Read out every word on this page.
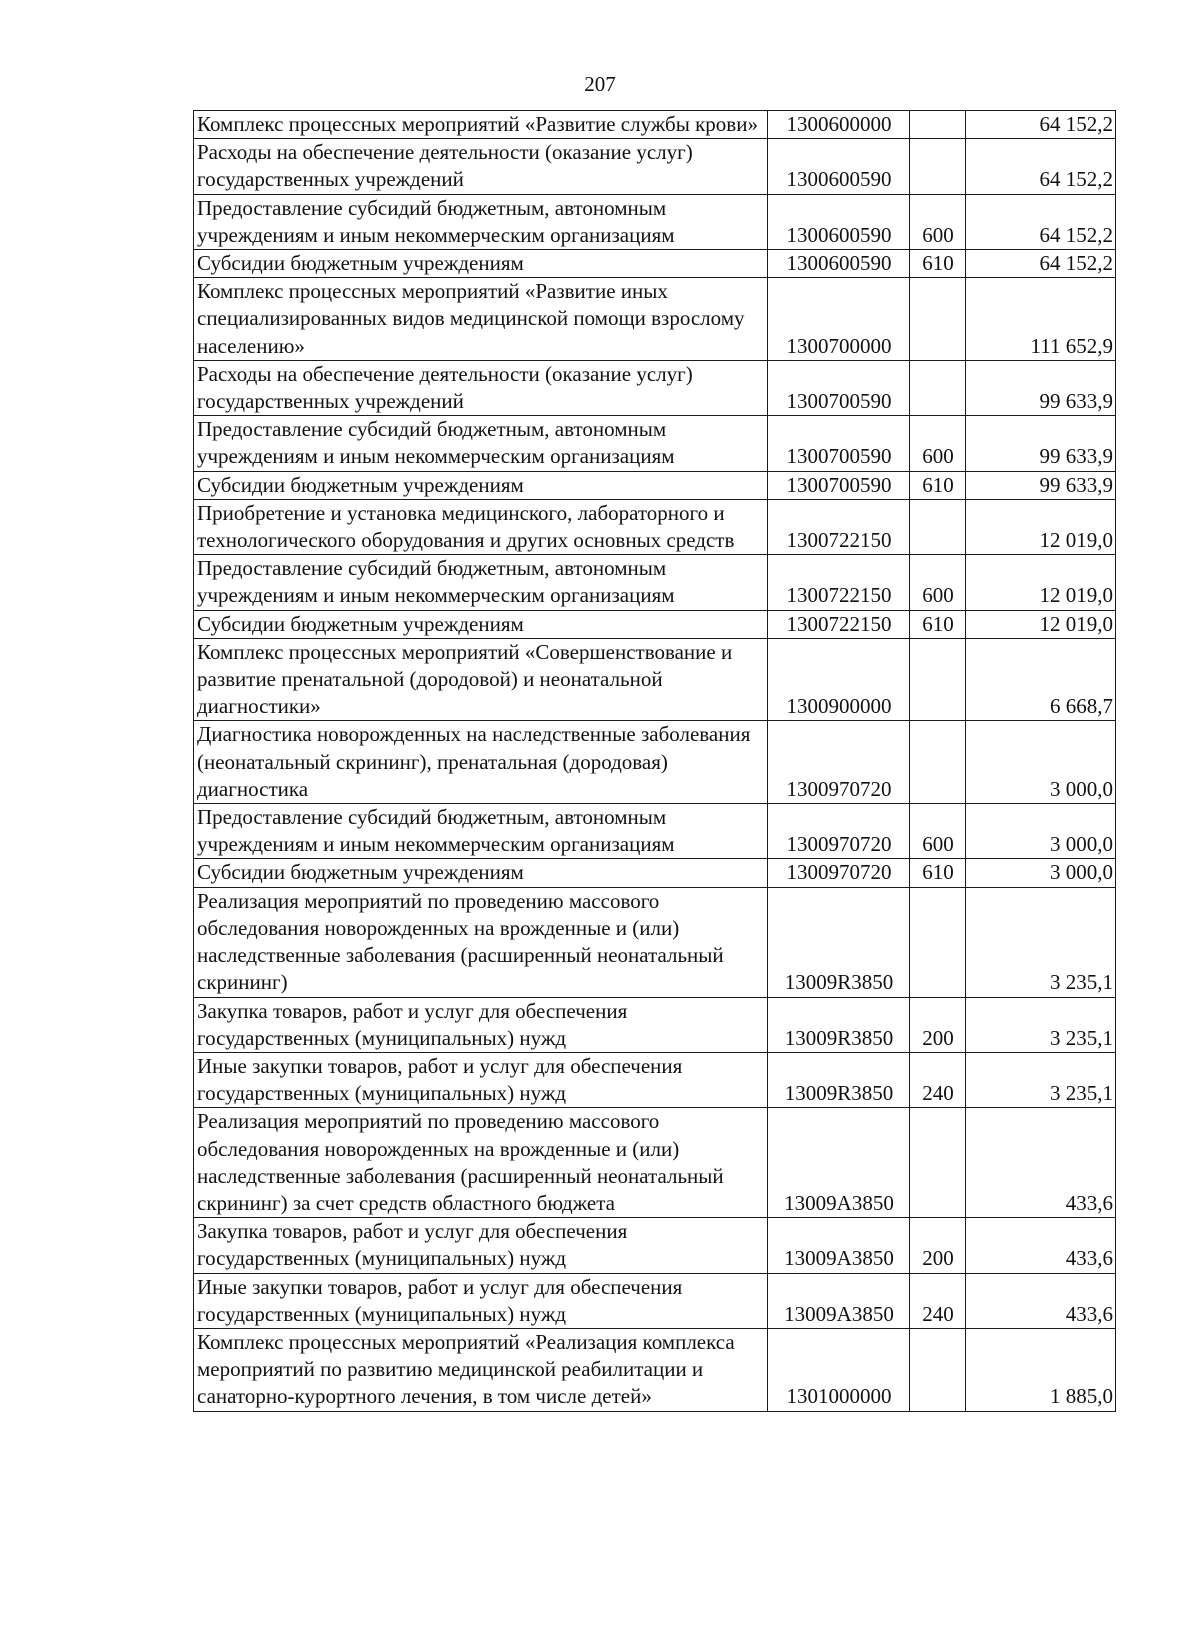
207
Комплекс процессных мероприятий «Развитие службы крови»	1300600000		64 152,2
Расходы на обеспечение деятельности (оказание услуг) государственных учреждений	1300600590		64 152,2
Предоставление субсидий бюджетным, автономным учреждениям и иным некоммерческим организациям	1300600590	600	64 152,2
Субсидии бюджетным учреждениям	1300600590	610	64 152,2
Комплекс процессных мероприятий «Развитие иных специализированных видов медицинской помощи взрослому населению»	1300700000		111 652,9
Расходы на обеспечение деятельности (оказание услуг) государственных учреждений	1300700590		99 633,9
Предоставление субсидий бюджетным, автономным учреждениям и иным некоммерческим организациям	1300700590	600	99 633,9
Субсидии бюджетным учреждениям	1300700590	610	99 633,9
Приобретение и установка медицинского, лабораторного и технологического оборудования и других основных средств	1300722150		12 019,0
Предоставление субсидий бюджетным, автономным учреждениям и иным некоммерческим организациям	1300722150	600	12 019,0
Субсидии бюджетным учреждениям	1300722150	610	12 019,0
Комплекс процессных мероприятий «Совершенствование и развитие пренатальной (дородовой) и неонатальной диагностики»	1300900000		6 668,7
Диагностика новорожденных на наследственные заболевания (неонатальный скрининг), пренатальная (дородовая) диагностика	1300970720		3 000,0
Предоставление субсидий бюджетным, автономным учреждениям и иным некоммерческим организациям	1300970720	600	3 000,0
Субсидии бюджетным учреждениям	1300970720	610	3 000,0
Реализация мероприятий по проведению массового обследования новорожденных на врожденные и (или) наследственные заболевания (расширенный неонатальный скрининг)	13009R3850		3 235,1
Закупка товаров, работ и услуг для обеспечения государственных (муниципальных) нужд	13009R3850	200	3 235,1
Иные закупки товаров, работ и услуг для обеспечения государственных (муниципальных) нужд	13009R3850	240	3 235,1
Реализация мероприятий по проведению массового обследования новорожденных на врожденные и (или) наследственные заболевания (расширенный неонатальный скрининг) за счет средств областного бюджета	13009A3850		433,6
Закупка товаров, работ и услуг для обеспечения государственных (муниципальных) нужд	13009A3850	200	433,6
Иные закупки товаров, работ и услуг для обеспечения государственных (муниципальных) нужд	13009A3850	240	433,6
Комплекс процессных мероприятий «Реализация комплекса мероприятий по развитию медицинской реабилитации и санаторно-курортного лечения, в том числе детей»	1301000000		1 885,0
